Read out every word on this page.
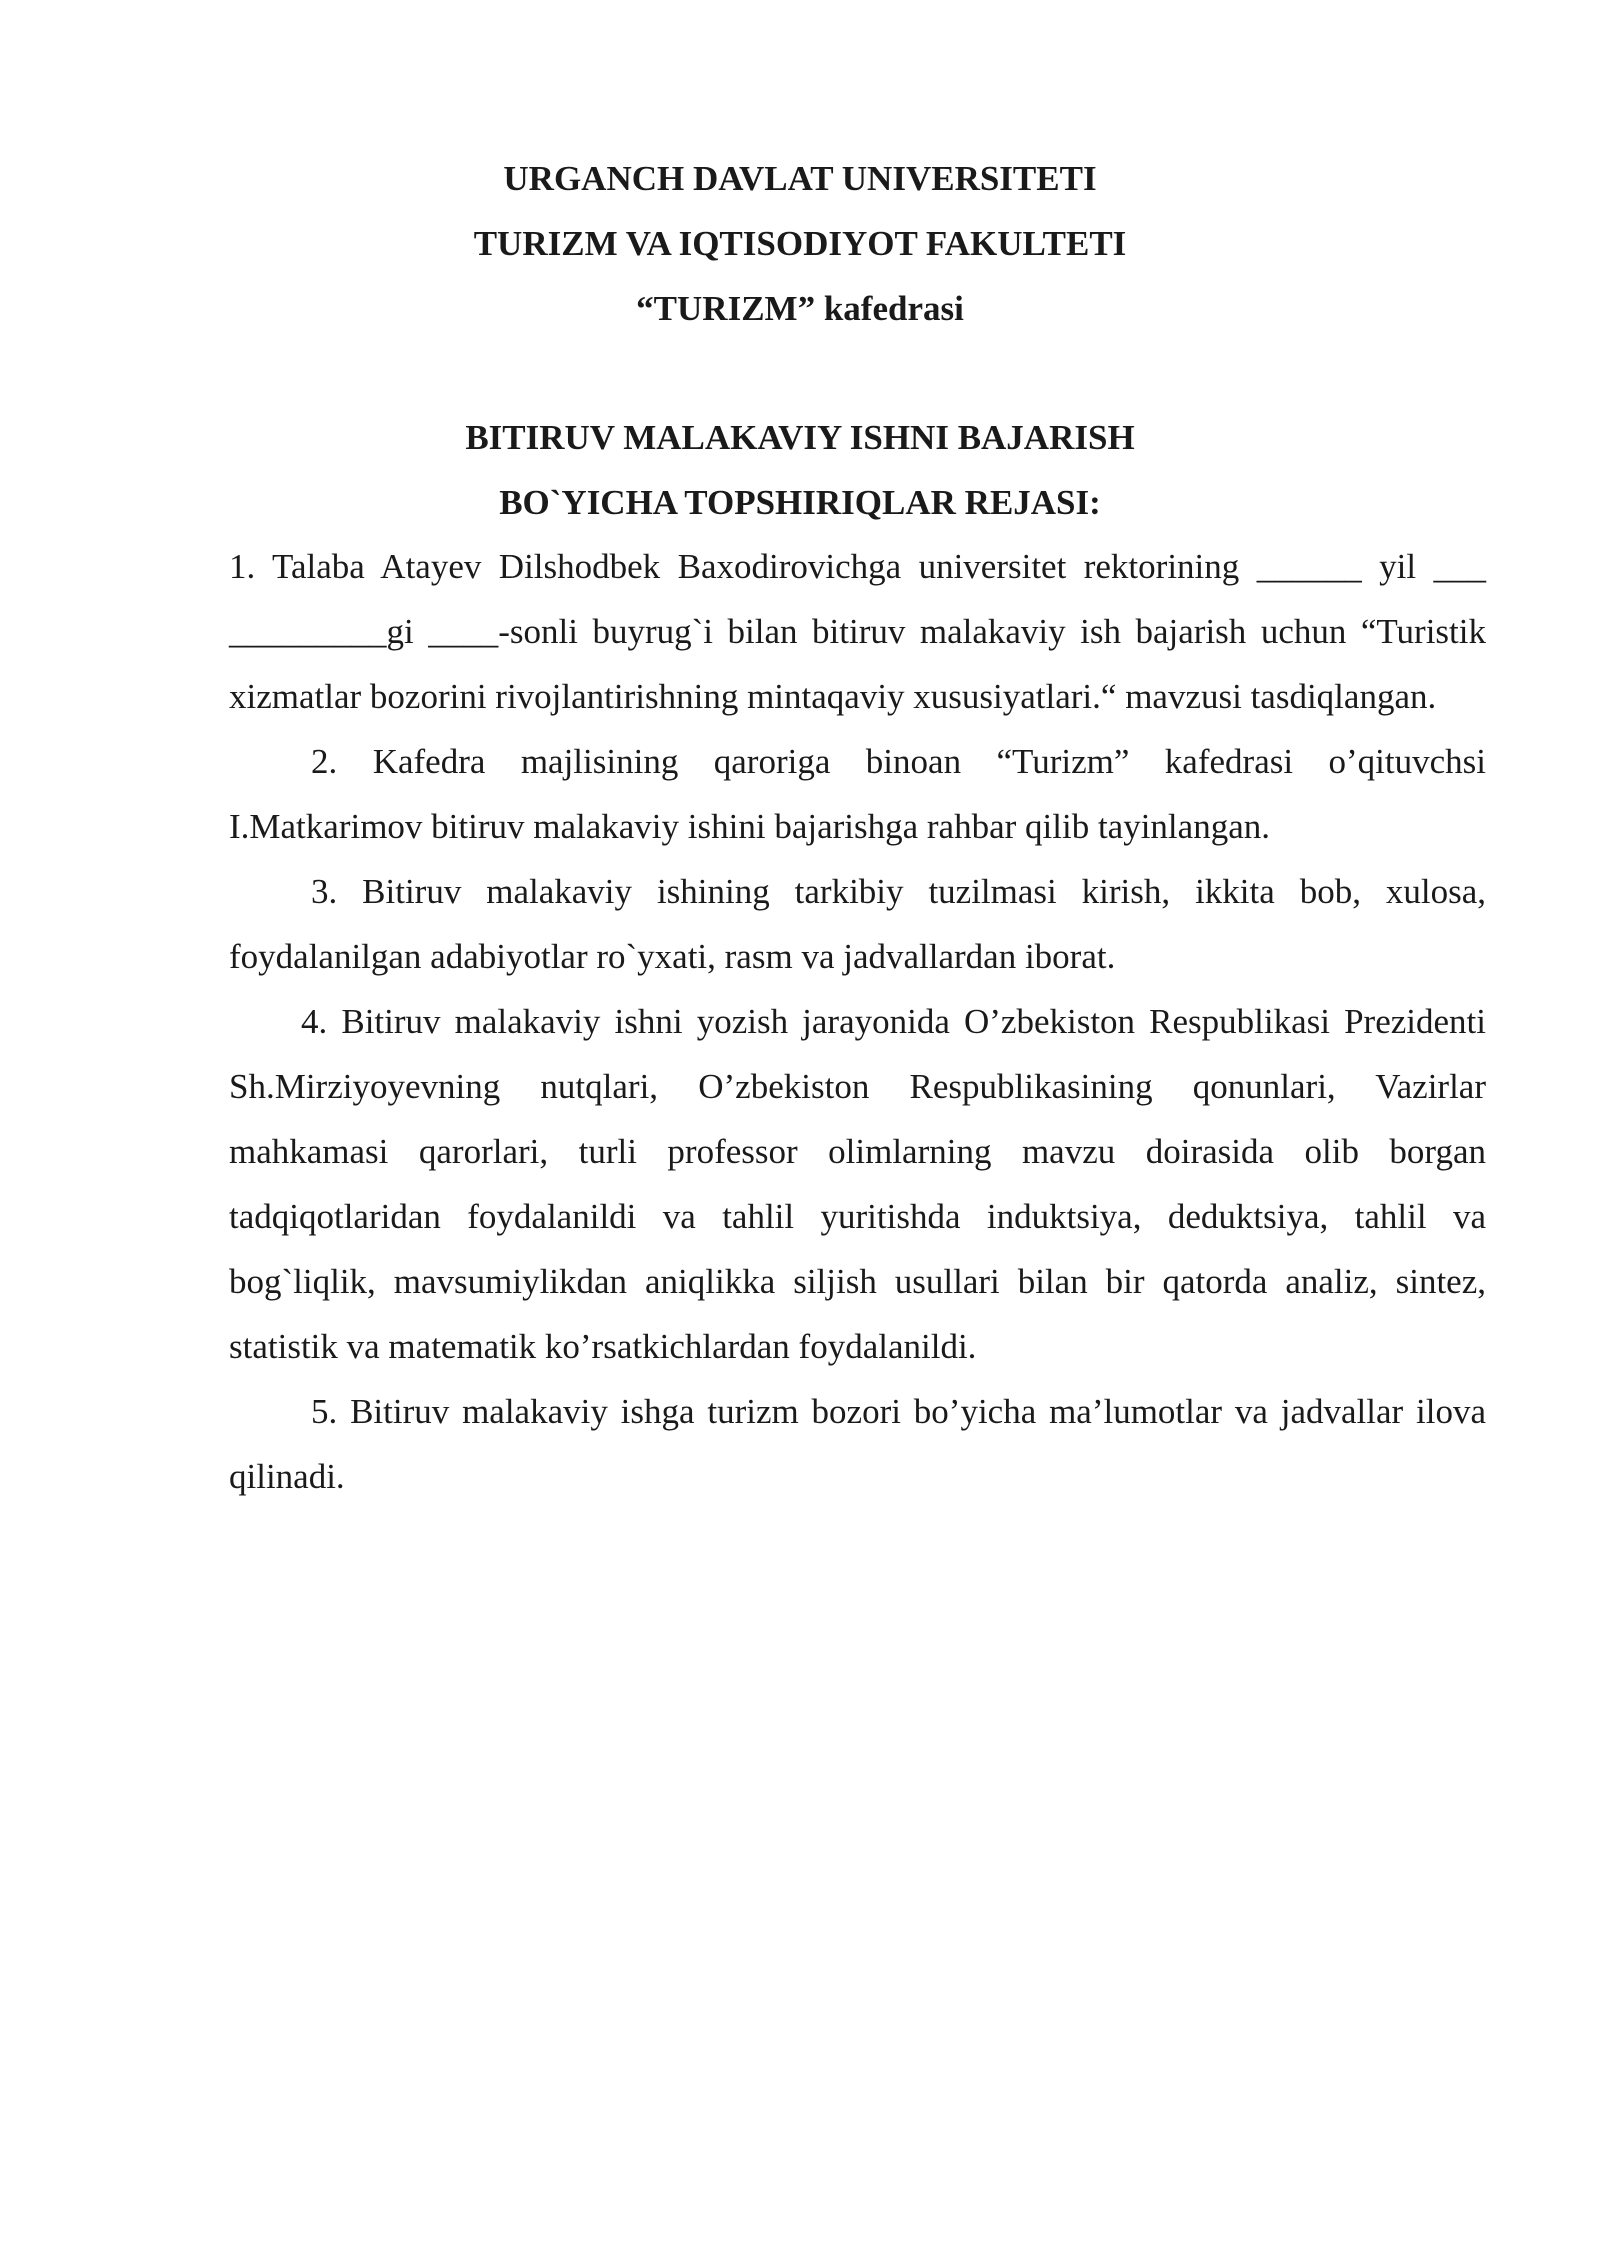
URGANCH DAVLAT UNIVERSITETI
TURIZM VA IQTISODIYOT FAKULTETI
“TURIZM” kafedrasi
BITIRUV MALAKAVIY ISHNI BAJARISH
BO`YICHA TOPSHIRIQLAR REJASI:

1. Talaba Atayev Dilshodbek Baxodirovichga universitet rektorining ______ yil ___ _________gi ____-sonli buyrug`i bilan bitiruv malakaviy ish bajarish uchun “Turistik xizmatlar bozorini rivojlantirishning mintaqaviy xususiyatlari.“ mavzusi tasdiqlangan.

2. Kafedra majlisining qaroriga binoan “Turizm” kafedrasi o’qituvchsi I.Matkarimov bitiruv malakaviy ishini bajarishga rahbar qilib tayinlangan.

3. Bitiruv malakaviy ishining tarkibiy tuzilmasi kirish, ikkita bob, xulosa, foydalanilgan adabiyotlar ro`yxati, rasm va jadvallardan iborat.

4. Bitiruv malakaviy ishni yozish jarayonida O’zbekiston Respublikasi Prezidenti Sh.Mirziyoyevning nutqlari, O’zbekiston Respublikasining qonunlari, Vazirlar mahkamasi qarorlari, turli professor olimlarning mavzu doirasida olib borgan tadqiqotlaridan foydalanildi va tahlil yuritishda induktsiya, deduktsiya, tahlil va bog`liqlik, mavsumiylikdan aniqlikka siljish usullari bilan bir qatorda analiz, sintez, statistik va matematik ko’rsatkichlardan foydalanildi.

5. Bitiruv malakaviy ishga turizm bozori bo’yicha ma’lumotlar va jadvallar ilova qilinadi.
